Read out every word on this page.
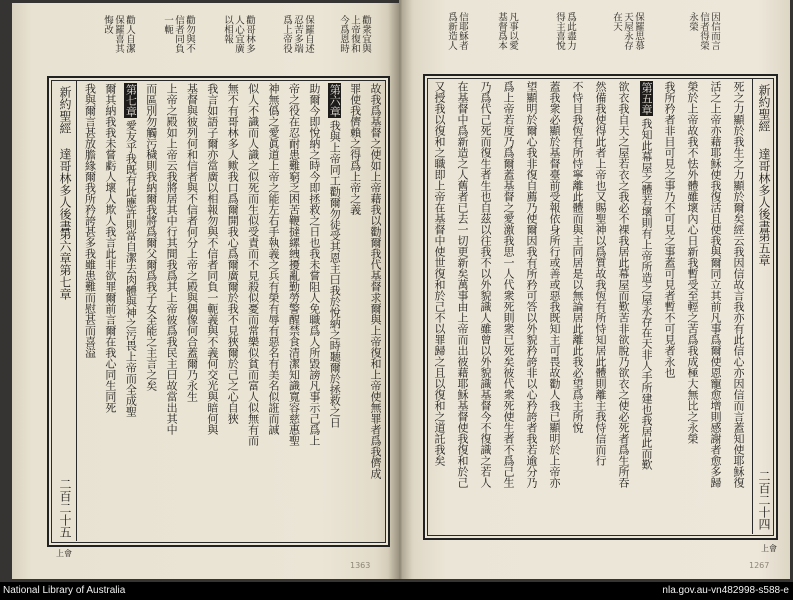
勸衆宜與
上帝復和
今爲恩時
保羅自述
忍苦多端
爲上帝役
勸哥林多
人心宜廣
以相報
勸勿與不
信者同負
一軛
勸人自潔
保羅喜其
悔改
新約聖經
達哥林多人後書
第六章
第七章
二百二十五
故我爲基督之使如上帝藉我以勸爾我代基督求爾與上帝復和上帝使無罪者爲我儕成
罪使我儕賴之得爲上帝之義
第六章我與上帝同工勸爾勿徒受其恩主曰我於悅納之時聽爾於拯救之日
助爾今即悅納之時今即拯救之日也我未嘗阻人免職爲人所毀謗凡事示己爲上
帝之役在忍耐患難窮乏困苦鞭撻縲絏擾亂勤勞警醒禁食清潔知識寬容慈惠聖
神無僞之愛眞道上帝之能左右手執義之兵有榮有辱有惡名有美名似誑而誠
似人不識而人識之似死而生似受責而不見殺似憂而常樂似貧而富人似無有而
無不有哥林多人歟我口爲爾開我心爲爾廣爾於我不見狹爾於己之心自狹
我言如語子爾亦當廣以相報勿與不信者同負一軛義與不義何交光與暗何與
基督與彼列何和信者與不信者何分上帝之殿與偶像何合蓋爾乃永生
上帝之殿如上帝云我將居其中行其間我爲其上帝彼爲我民主曰故當出其中
而區別勿觸污穢則我納爾我將爲爾父爾爲我子女全能之主言之矣
第七章愛友乎我既有此應許則當自潔去肉體與神之污畏上帝而全成聖
爾其納我我未嘗虧人壞人欺人我言此非欲罪爾前言爾在我心同生同死
我與爾言甚放膽緣爾我所矜誇甚多我雖患難而慰甚而喜溢
上會
1363
因信而言
信者得榮
永榮
保羅思慕
天屋永存
在天
爲此盡力
得主喜悅
凡事以愛
基督爲本
信耶穌者
爲新造人
新約聖經
達哥林多人後書
第五章
二百二十四
死之力顯於我生之力顯於爾矣經云我因信故言我亦有此信心亦因信而言蓋知使耶穌復
活之上帝亦藉耶穌使我復活且使我與爾同立其前凡事爲爾使恩寵愈增則感謝者愈多歸
榮於上帝故我不怯外體雖壞內心日新我暫受至輕之苦爲我成極大無比之永榮
我所矜者非目可見之事乃不可見之事蓋可見者暫不可見者永也
第五章我知此幕屋之體若壞則有上帝所造之屋永存在天非人手所建也我居此而歎
欲衣我自天之屋若衣之我必不裸我居此幕屋而歎苦非欲脫乃欲衣之使必死者爲生所吞
然備我使得此者上帝也又賜聖神以爲質故我恆有所恃知居此體則離主我恃信而行
不恃目我恆有所恃寧離此體而與主同居是以無論居此離此我必望爲主所悅
蓋我衆必顯於基督臺前受報依身所行或善或惡我既知主可畏故勸人我已顯明於上帝亦
望顯明於爾心我非復自薦乃使爾因我有所矜可答以外貌矜誇非以心矜誇者我若逾分乃
爲上帝若度乃爲爾蓋基督之愛激我思一人代衆死則衆已死矣彼代衆死使生者不爲己生
乃爲代己死而復生者生也自茲以往我不以外貌識人雖曾以外貌識基督今不復識之若人
在基督中爲新造之人舊者已去一切更新矣萬事由上帝而出彼藉耶穌基督使我復和於己
又授我以復和之職即上帝在基督中使世復和於己不以罪歸之且以復和之道託我矣
上會
1267
National Library of Australia	nla.gov.au-vn482998-s588-e
